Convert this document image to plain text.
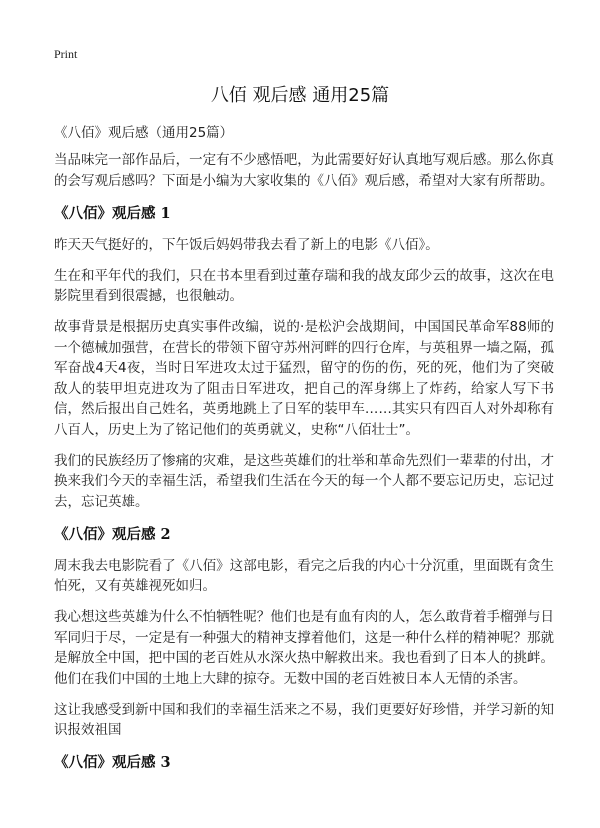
Print
八佰 观后感 通用25篇
《八佰》观后感（通用25篇）

当品味完一部作品后，一定有不少感悟吧，为此需要好好认真地写观后感。那么你真的会写观后感吗？下面是小编为大家收集的《八佰》观后感，希望对大家有所帮助。

《八佰》观后感 1

昨天天气挺好的，下午饭后妈妈带我去看了新上的电影《八佰》。

生在和平年代的我们，只在书本里看到过董存瑞和我的战友邱少云的故事，这次在电影院里看到很震撼，也很触动。

故事背景是根据历史真实事件改编，说的·是松沪会战期间，中国国民革命军88师的一个德械加强营，在营长的带领下留守苏州河畔的四行仓库，与英租界一墙之隔，孤军奋战4天4夜，当时日军进攻太过于猛烈，留守的伤的伤，死的死，他们为了突破敌人的装甲坦克进攻为了阻击日军进攻，把自己的浑身绑上了炸药，给家人写下书信，然后报出自己姓名，英勇地跳上了日军的装甲车……其实只有四百人对外却称有八百人，历史上为了铭记他们的英勇就义，史称“八佰壮士”。

我们的民族经历了惨痛的灾难，是这些英雄们的壮举和革命先烈们一辈辈的付出，才换来我们今天的幸福生活，希望我们生活在今天的每一个人都不要忘记历史，忘记过去，忘记英雄。

《八佰》观后感 2

周末我去电影院看了《八佰》这部电影，看完之后我的内心十分沉重，里面既有贪生怕死，又有英雄视死如归。

我心想这些英雄为什么不怕牺牲呢？他们也是有血有肉的人，怎么敢背着手榴弹与日军同归于尽，一定是有一种强大的精神支撑着他们，这是一种什么样的精神呢？那就是解放全中国，把中国的老百姓从水深火热中解救出来。我也看到了日本人的挑衅。他们在我们中国的土地上大肆的掠夺。无数中国的老百姓被日本人无情的杀害。

这让我感受到新中国和我们的幸福生活来之不易，我们更要好好珍惜，并学习新的知识报效祖国

《八佰》观后感 3
